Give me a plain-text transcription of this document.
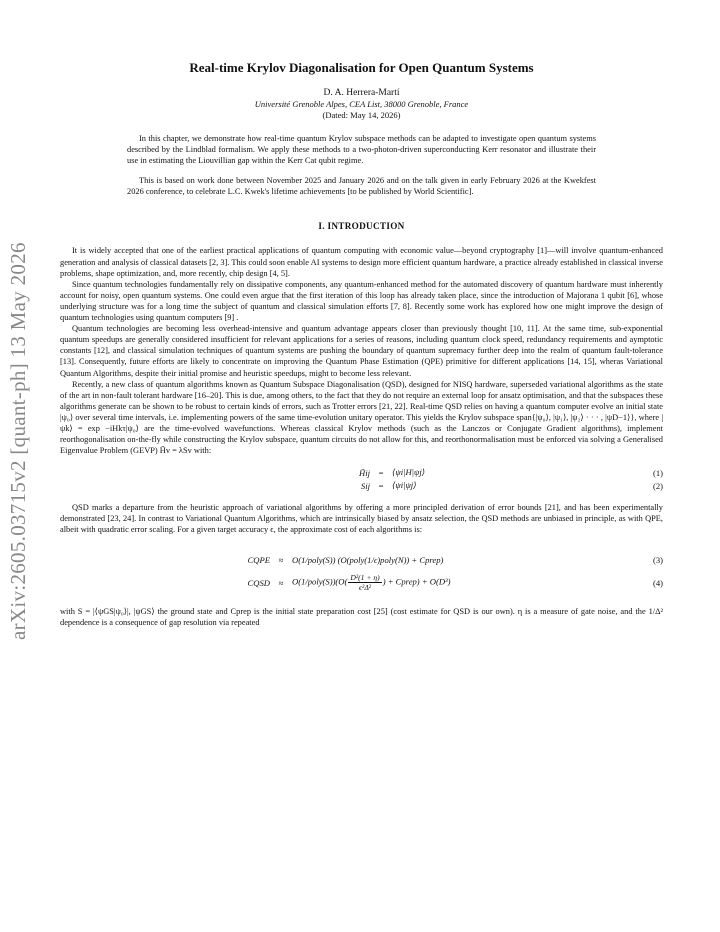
arXiv:2605.03715v2 [quant-ph] 13 May 2026
Real-time Krylov Diagonalisation for Open Quantum Systems
D. A. Herrera-Martí
Université Grenoble Alpes, CEA List, 38000 Grenoble, France
(Dated: May 14, 2026)

In this chapter, we demonstrate how real-time quantum Krylov subspace methods can be adapted to investigate open quantum systems described by the Lindblad formalism. We apply these methods to a two-photon-driven superconducting Kerr resonator and illustrate their use in estimating the Liouvillian gap within the Kerr Cat qubit regime.

This is based on work done between November 2025 and January 2026 and on the talk given in early February 2026 at the Kwekfest 2026 conference, to celebrate L.C. Kwek's lifetime achievements [to be published by World Scientific].

I. INTRODUCTION

It is widely accepted that one of the earliest practical applications of quantum computing with economic value—beyond cryptography [1]—will involve quantum-enhanced generation and analysis of classical datasets [2, 3]. This could soon enable AI systems to design more efficient quantum hardware, a practice already established in classical inverse problems, shape optimization, and, more recently, chip design [4, 5].

Since quantum technologies fundamentally rely on dissipative components, any quantum-enhanced method for the automated discovery of quantum hardware must inherently account for noisy, open quantum systems. One could even argue that the first iteration of this loop has already taken place, since the introduction of Majorana 1 qubit [6], whose underlying structure was for a long time the subject of quantum and classical simulation efforts [7, 8]. Recently some work has explored how one might improve the design of quantum technologies using quantum computers [9] .

Quantum technologies are becoming less overhead-intensive and quantum advantage appears closer than previously thought [10, 11]. At the same time, sub-exponential quantum speedups are generally considered insufficient for relevant applications for a series of reasons, including quantum clock speed, redundancy requirements and aymptotic constants [12], and classical simulation techniques of quantum systems are pushing the boundary of quantum supremacy further deep into the realm of quantum fault-tolerance [13]. Consequently, future efforts are likely to concentrate on improving the Quantum Phase Estimation (QPE) primitive for different applications [14, 15], wheras Variational Quantum Algorithms, despite their initial promise and heuristic speedups, might to become less relevant.

Recently, a new class of quantum algorithms known as Quantum Subspace Diagonalisation (QSD), designed for NISQ hardware, superseded variational algorithms as the state of the art in non-fault tolerant hardware [16–20]. This is due, among others, to the fact that they do not require an external loop for ansatz optimisation, and that the subspaces these algorithms generate can be shown to be robust to certain kinds of errors, such as Trotter errors [21, 22]. Real-time QSD relies on having a quantum computer evolve an initial state |ψ₀⟩ over several time intervals, i.e. implementing powers of the same time-evolution unitary operator. This yields the Krylov subspace span{|ψ₀⟩, |ψ₁⟩, |ψ₂⟩ · · · , |ψD−1⟩}, where |ψk⟩ = exp −iHkτ|ψ₀⟩ are the time-evolved wavefunctions. Whereas classical Krylov methods (such as the Lanczos or Conjugate Gradient algorithms), implement reorthogonalisation on-the-fly while constructing the Krylov subspace, quantum circuits do not allow for this, and reorthonormalisation must be enforced via solving a Generalised Eigenvalue Problem (GEVP) H̃v = λSv with:

H̃ij = ⟨ψi|H|ψj⟩	(1)
Sij = ⟨ψi|ψj⟩	(2)

QSD marks a departure from the heuristic approach of variational algorithms by offering a more principled derivation of error bounds [21], and has been experimentally demonstrated [23, 24]. In contrast to Variational Quantum Algorithms, which are intrinsically biased by ansatz selection, the QSD methods are unbiased in principle, as with QPE, albeit with quadratic error scaling. For a given target accuracy ϵ, the approximate cost of each algorithms is:

CQPE	≈	O(1/poly(S)) (O(poly(1/ϵ)poly(N)) + Cprep)	(3)
CQSD	≈	O(1/poly(S))(O( $\frac{\text{D²(1 + η)}}{\text{ϵ²Δ²}}$ ) + Cprep) + O(D³)	(4)

with S = |⟨ψGS|ψ₀⟩|, |ψGS⟩ the ground state and Cprep is the initial state preparation cost [25] (cost estimate for QSD is our own). η is a measure of gate noise, and the 1/Δ² dependence is a consequence of gap resolution via repeated
